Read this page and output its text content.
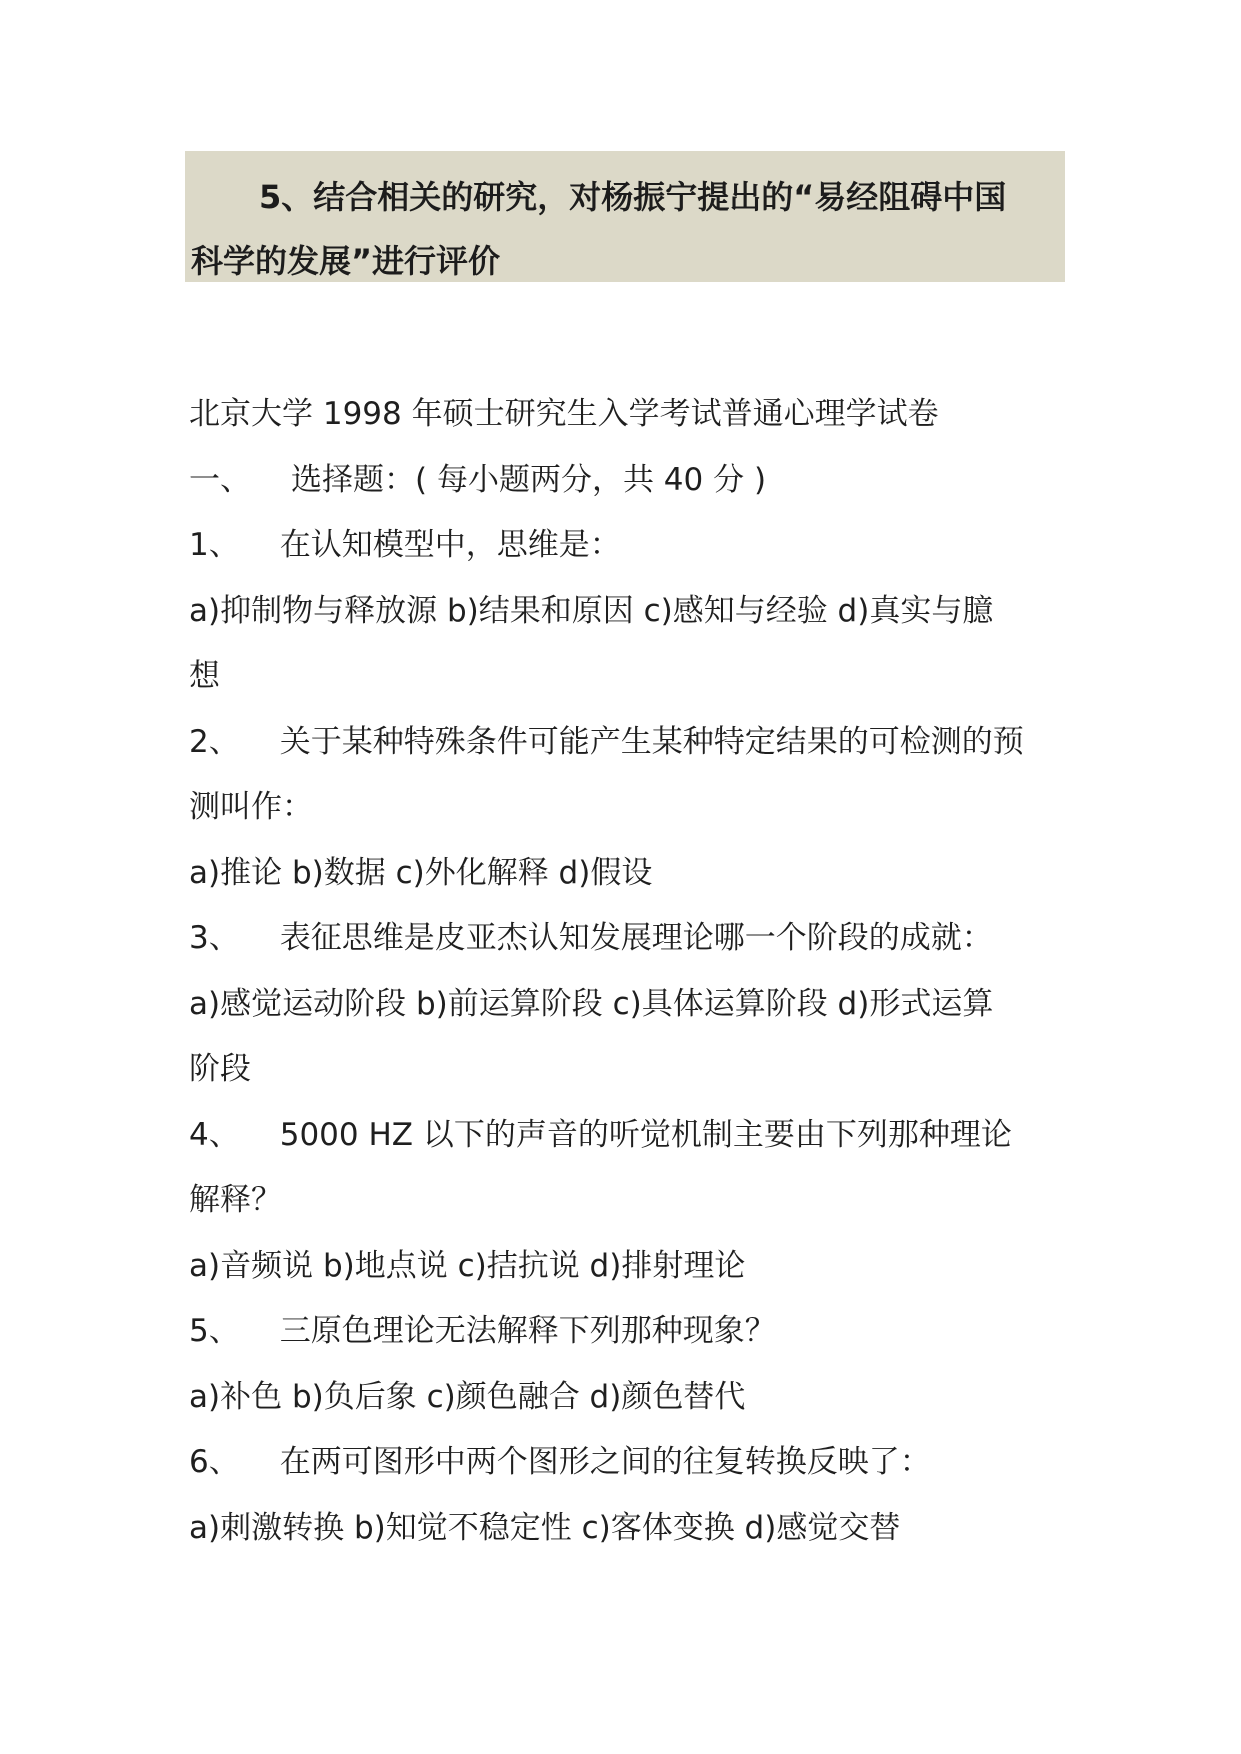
5、结合相关的研究，对杨振宁提出的“易经阻碍中国
科学的发展”进行评价
北京大学 1998 年硕士研究生入学考试普通心理学试卷
一、 选择题：( 每小题两分，共 40 分 )
1、 在认知模型中，思维是：
a)抑制物与释放源 b)结果和原因 c)感知与经验 d)真实与臆
想
2、 关于某种特殊条件可能产生某种特定结果的可检测的预
测叫作：
a)推论 b)数据 c)外化解释 d)假设
3、 表征思维是皮亚杰认知发展理论哪一个阶段的成就：
a)感觉运动阶段 b)前运算阶段 c)具体运算阶段 d)形式运算
阶段
4、 5000 HZ 以下的声音的听觉机制主要由下列那种理论
解释？
a)音频说 b)地点说 c)拮抗说 d)排射理论
5、 三原色理论无法解释下列那种现象？
a)补色 b)负后象 c)颜色融合 d)颜色替代
6、 在两可图形中两个图形之间的往复转换反映了：
a)刺激转换 b)知觉不稳定性 c)客体变换 d)感觉交替
